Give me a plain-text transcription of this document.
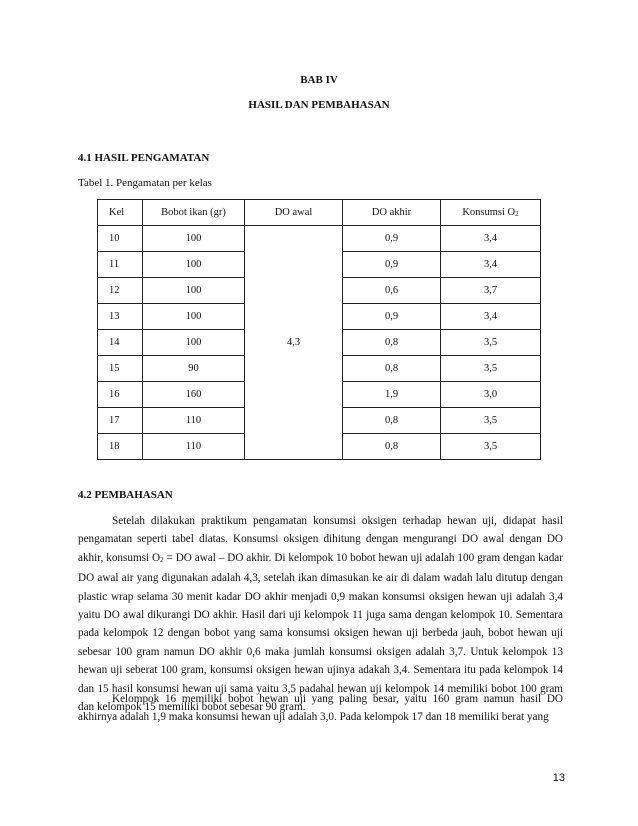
BAB IV
HASIL DAN PEMBAHASAN
4.1 HASIL PENGAMATAN
Tabel 1. Pengamatan per kelas
Kel	Bobot ikan (gr)	DO awal	DO akhir	Konsumsi $O_2$
10	100	4,3	0,9	3,4
11	100		0,9	3,4
12	100		0,6	3,7
13	100		0,9	3,4
14	100		0,8	3,5
15	90		0,8	3,5
16	160		1,9	3,0
17	110		0,8	3,5
18	110		0,8	3,5
4.2 PEMBAHASAN

Setelah dilakukan praktikum pengamatan konsumsi oksigen terhadap hewan uji, didapat hasil pengamatan seperti tabel diatas. Konsumsi oksigen dihitung dengan mengurangi DO awal dengan DO akhir, konsumsi $O_2$ = DO awal – DO akhir. Di kelompok 10 bobot hewan uji adalah 100 gram dengan kadar DO awal air yang digunakan adalah 4,3, setelah ikan dimasukan ke air di dalam wadah lalu ditutup dengan plastic wrap selama 30 menit kadar DO akhir menjadi 0,9 makan konsumsi oksigen hewan uji adalah 3,4 yaitu DO awal dikurangi DO akhir. Hasil dari uji kelompok 11 juga sama dengan kelompok 10. Sementara pada kelompok 12 dengan bobot yang sama konsumsi oksigen hewan uji berbeda jauh, bobot hewan uji sebesar 100 gram namun DO akhir 0,6 maka jumlah konsumsi oksigen adalah 3,7. Untuk kelompok 13 hewan uji seberat 100 gram, konsumsi oksigen hewan ujinya adakah 3,4. Sementara itu pada kelompok 14 dan 15 hasil konsumsi hewan uji sama yaitu 3,5 padahal hewan uji kelompok 14 memiliki bobot 100 gram dan kelompok 15 memiliki bobot sebesar 90 gram.

Kelompok 16 memiliki bobot hewan uji yang paling besar, yaitu 160 gram namun hasil DO akhirnya adalah 1,9 maka konsumsi hewan uji adalah 3,0. Pada kelompok 17 dan 18 memiliki berat yang

13
